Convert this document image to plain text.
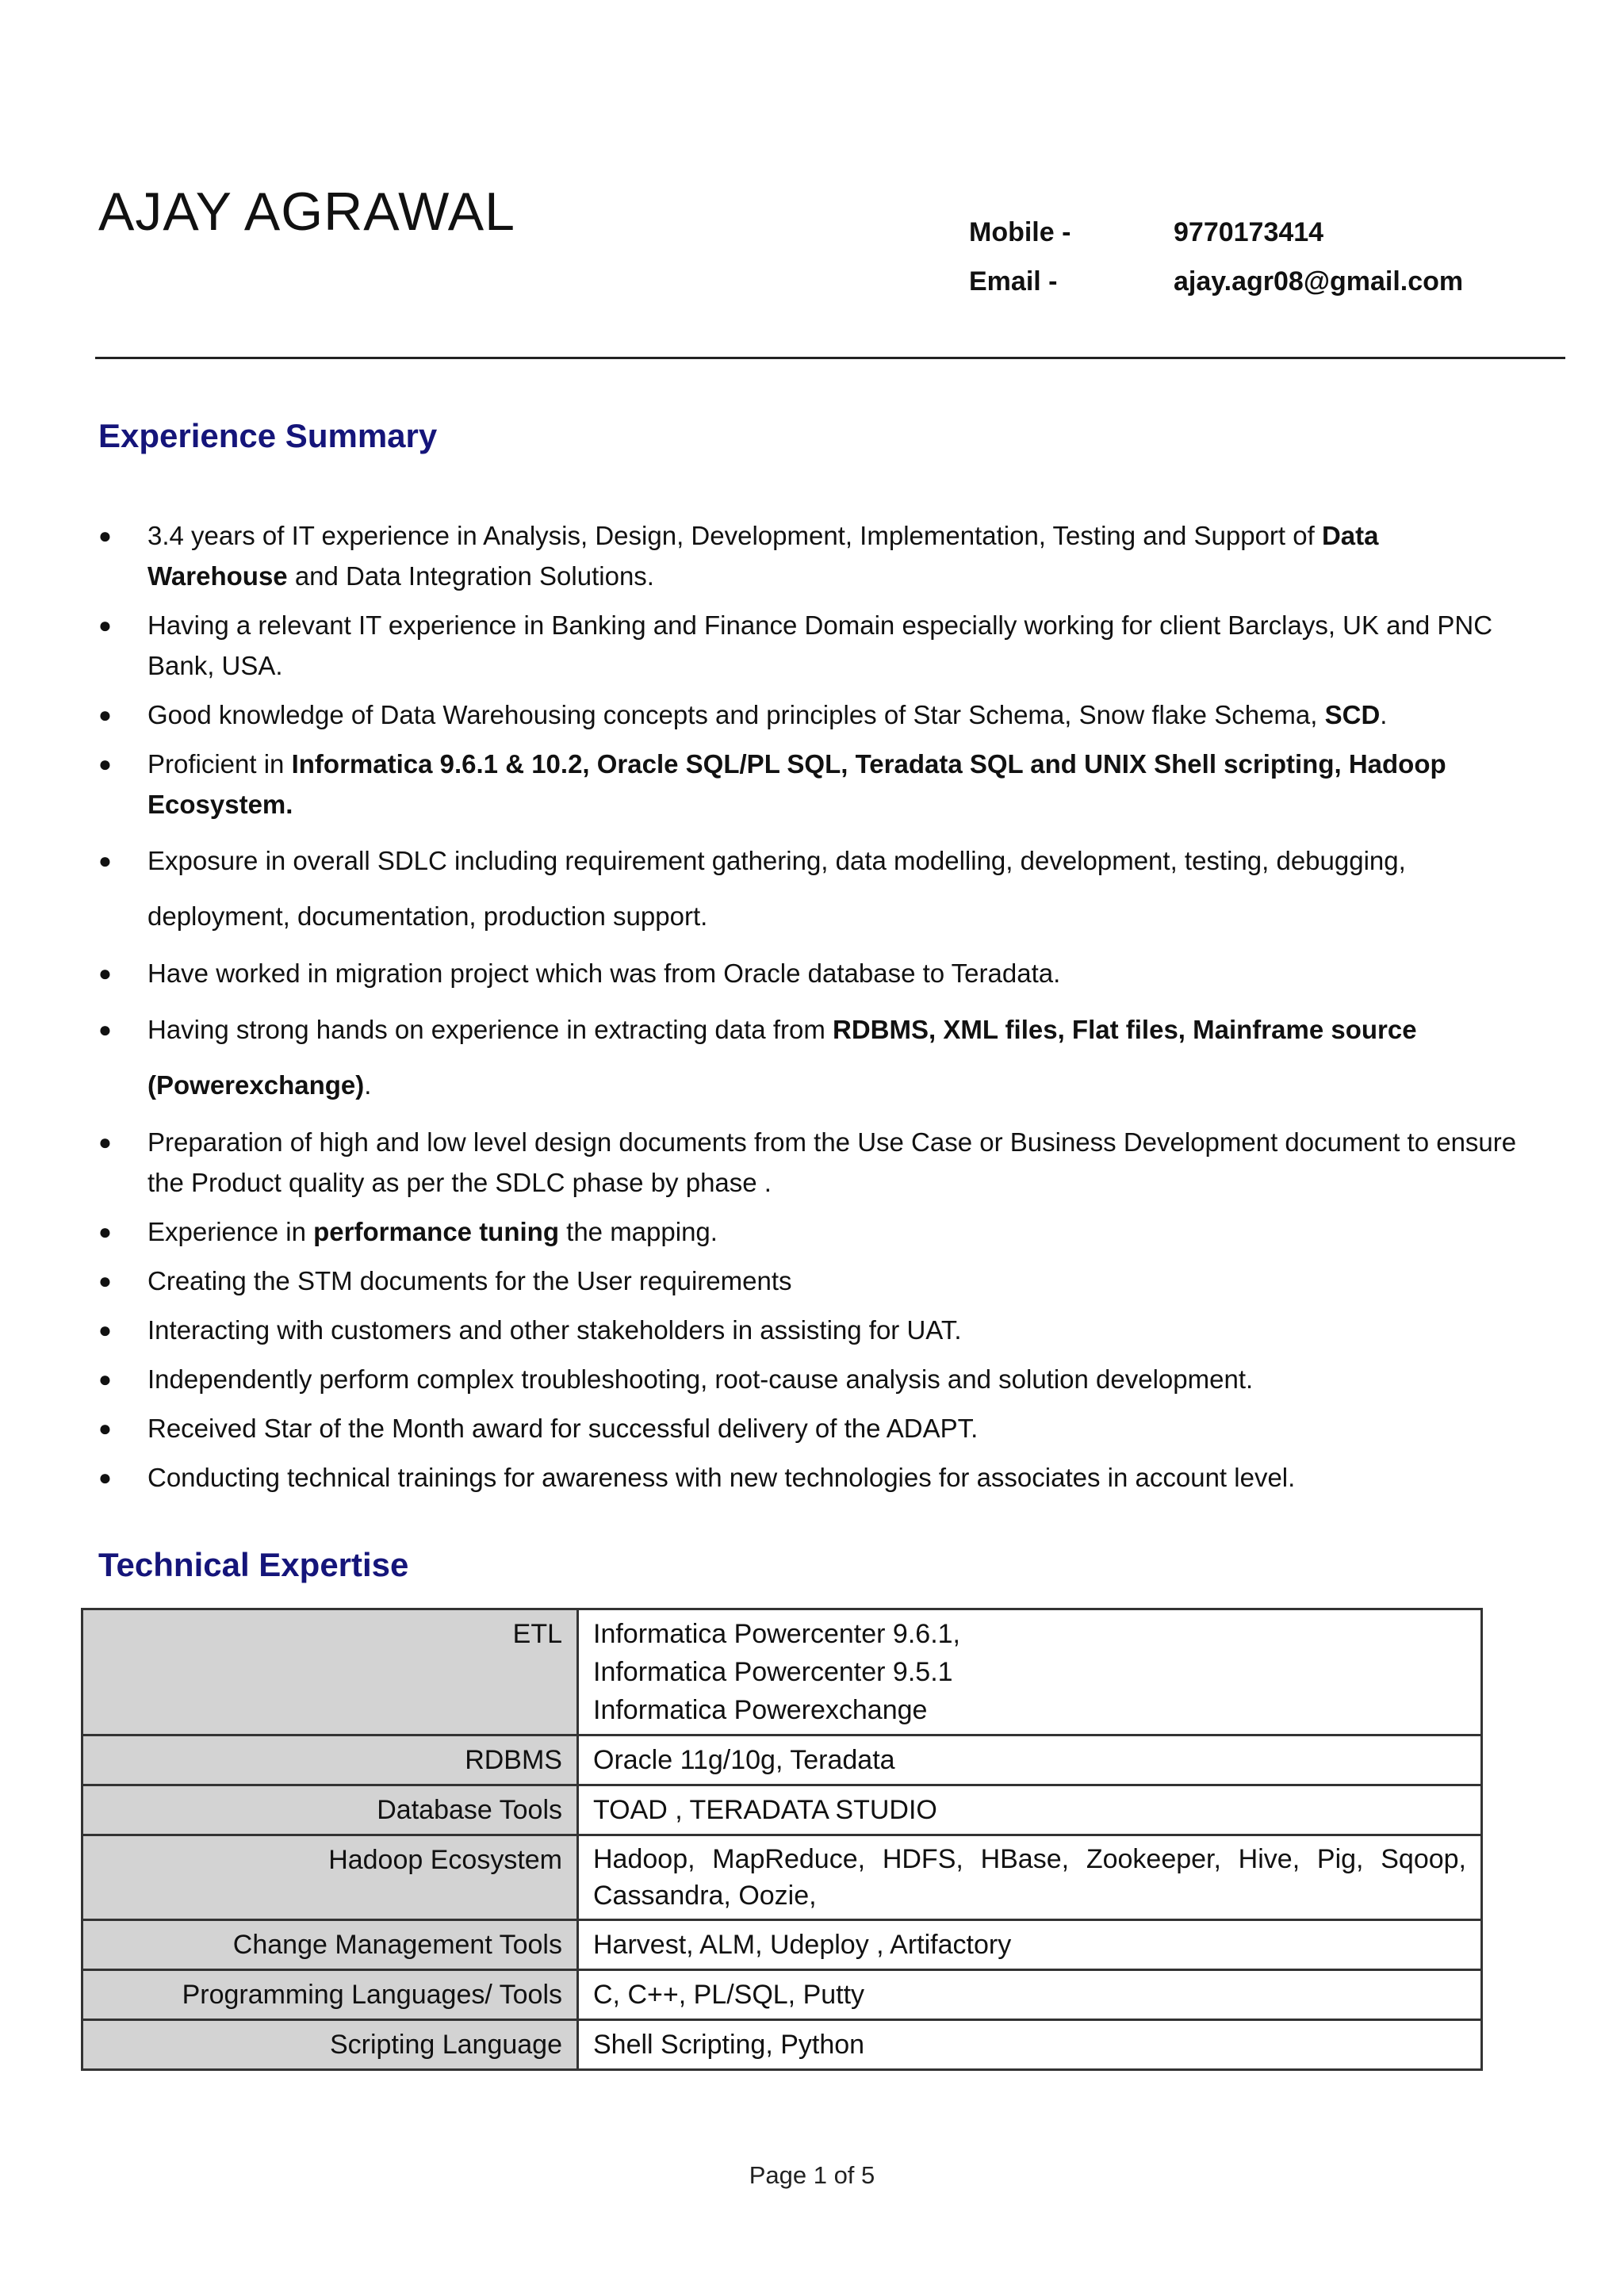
AJAY AGRAWAL	Mobile -	9770173414
Email -	ajay.agr08@gmail.com
Experience Summary
● 3.4 years of IT experience in Analysis, Design, Development, Implementation, Testing and Support of Data Warehouse and Data Integration Solutions.
● Having a relevant IT experience in Banking and Finance Domain especially working for client Barclays, UK and PNC Bank, USA.
● Good knowledge of Data Warehousing concepts and principles of Star Schema, Snow flake Schema, SCD.
● Proficient in Informatica 9.6.1 & 10.2, Oracle SQL/PL SQL, Teradata SQL and UNIX Shell scripting, Hadoop Ecosystem.
● Exposure in overall SDLC including requirement gathering, data modelling, development, testing, debugging, deployment, documentation, production support.
● Have worked in migration project which was from Oracle database to Teradata.
● Having strong hands on experience in extracting data from RDBMS, XML files, Flat files, Mainframe source (Powerexchange).
● Preparation of high and low level design documents from the Use Case or Business Development document to ensure the Product quality as per the SDLC phase by phase .
● Experience in performance tuning the mapping.
● Creating the STM documents for the User requirements
● Interacting with customers and other stakeholders in assisting for UAT.
● Independently perform complex troubleshooting, root-cause analysis and solution development.
● Received Star of the Month award for successful delivery of the ADAPT.
● Conducting technical trainings for awareness with new technologies for associates in account level.
Technical Expertise
ETL	Informatica Powercenter 9.6.1,
Informatica Powercenter 9.5.1
Informatica Powerexchange

RDBMS	Oracle 11g/10g, Teradata
Database Tools	TOAD , TERADATA STUDIO
Hadoop Ecosystem	Hadoop, MapReduce, HDFS, HBase, Zookeeper, Hive, Pig, Sqoop, Cassandra, Oozie,
Change Management Tools	Harvest, ALM, Udeploy , Artifactory
Programming Languages/ Tools	C, C++, PL/SQL, Putty
Scripting Language	Shell Scripting, Python
Page 1 of 5
